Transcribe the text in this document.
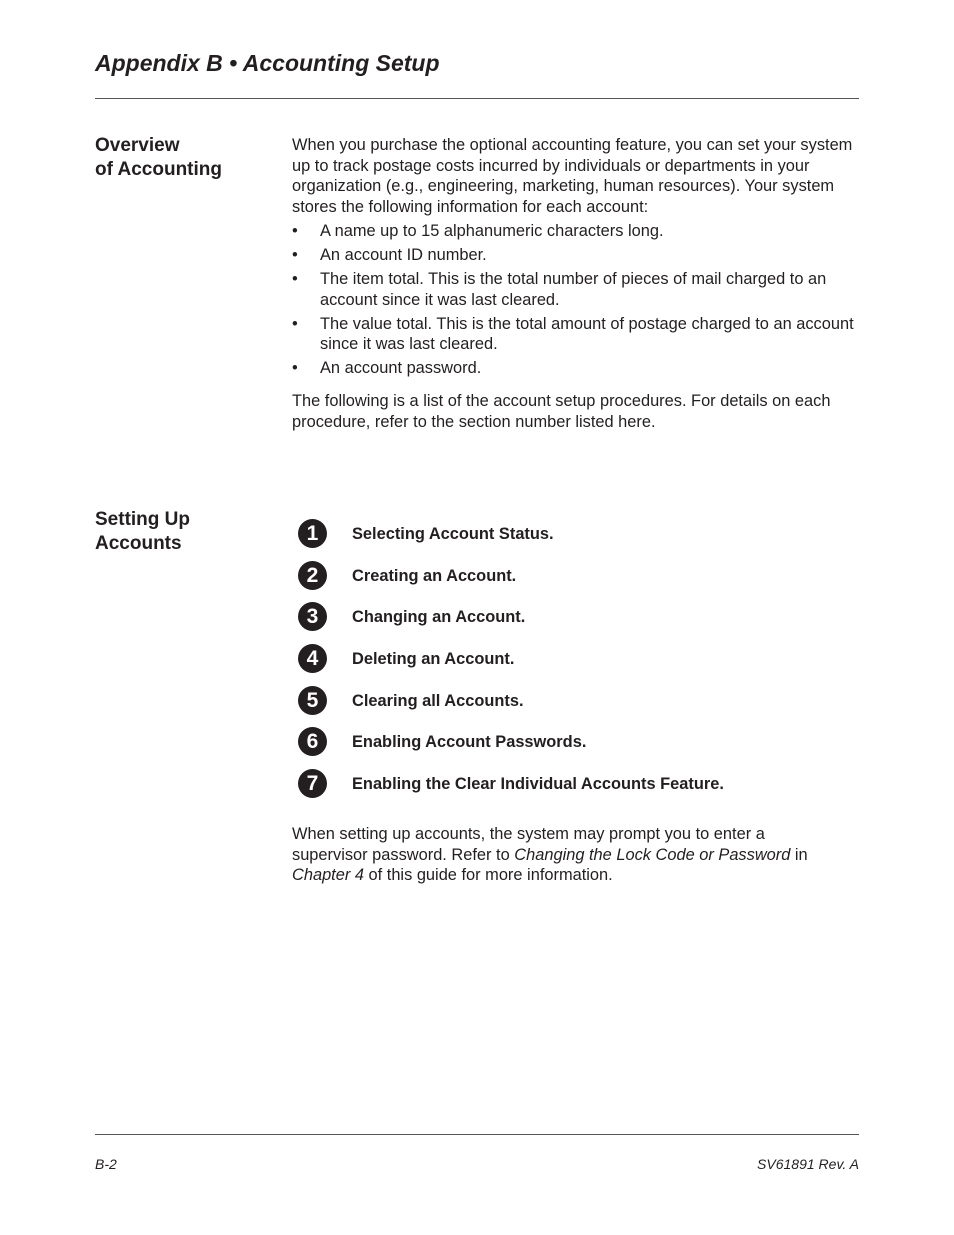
Appendix B • Accounting Setup
Overview
of Accounting

When you purchase the optional accounting feature, you can set your system up to track postage costs incurred by individuals or departments in your organization (e.g., engineering, marketing, human resources). Your system stores the following information for each account:

• A name up to 15 alphanumeric characters long.
• An account ID number.
• The item total. This is the total number of pieces of mail charged to an account since it was last cleared.
• The value total. This is the total amount of postage charged to an account since it was last cleared.
• An account password.

The following is a list of the account setup procedures. For details on each procedure, refer to the section number listed here.

Setting Up
Accounts	1	Selecting Account Status.
2	Creating an Account.
3	Changing an Account.
4	Deleting an Account.
5	Clearing all Accounts.
6	Enabling Account Passwords.
7	Enabling the Clear Individual Accounts Feature.

When setting up accounts, the system may prompt you to enter a supervisor password. Refer to Changing the Lock Code or Password in Chapter 4 of this guide for more information.

B-2	SV61891 Rev. A
